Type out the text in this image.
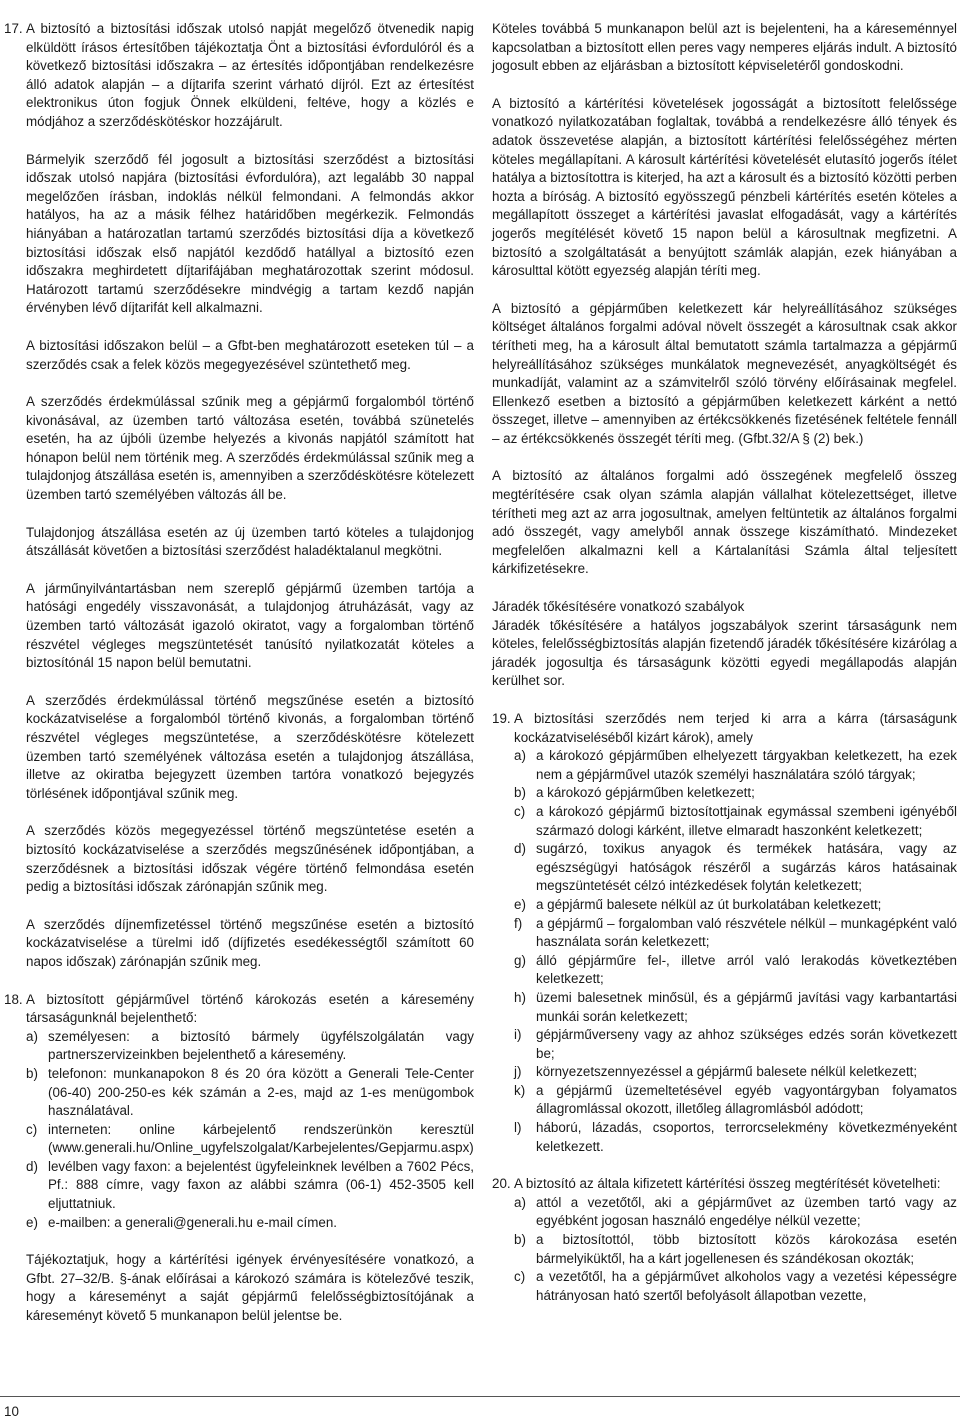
17. A biztosító a biztosítási időszak utolsó napját megelőző ötvenedik napig elküldött írásos értesítőben tájékoztatja Önt a biztosítási évfordulóról és a következő biztosítási időszakra – az értesítés időpontjában rendelkezésre álló adatok alapján – a díjtarifa szerint várható díjról. Ezt az értesítést elektronikus úton fogjuk Önnek elküldeni, feltéve, hogy a közlés e módjához a szerződéskötéskor hozzájárult.

Bármelyik szerződő fél jogosult a biztosítási szerződést a biztosítási időszak utolsó napjára (biztosítási évfordulóra), azt legalább 30 nappal megelőzően írásban, indoklás nélkül felmondani. A felmondás akkor hatályos, ha az a másik félhez határidőben megérkezik. Felmondás hiányában a határozatlan tartamú szerződés biztosítási díja a következő biztosítási időszak első napjától kezdődő hatállyal a biztosító ezen időszakra meghirdetett díjtarifájában meghatározottak szerint módosul. Határozott tartamú szerződésekre mindvégig a tartam kezdő napján érvényben lévő díjtarifát kell alkalmazni.

A biztosítási időszakon belül – a Gfbt-ben meghatározott eseteken túl – a szerződés csak a felek közös megegyezésével szüntethető meg.

A szerződés érdekmúlással szűnik meg a gépjármű forgalomból történő kivonásával, az üzemben tartó változása esetén, továbbá szünetelés esetén, ha az újbóli üzembe helyezés a kivonás napjától számított hat hónapon belül nem történik meg. A szerződés érdekmúlással szűnik meg a tulajdonjog átszállása esetén is, amennyiben a szerződéskötésre kötelezett üzemben tartó személyében változás áll be.

Tulajdonjog átszállása esetén az új üzemben tartó köteles a tulajdonjog átszállását követően a biztosítási szerződést haladéktalanul megkötni.

A járműnyilvántartásban nem szereplő gépjármű üzemben tartója a hatósági engedély visszavonását, a tulajdonjog átruházását, vagy az üzemben tartó változását igazoló okiratot, vagy a forgalomban történő részvétel végleges megszüntetését tanúsító nyilatkozatát köteles a biztosítónál 15 napon belül bemutatni.

A szerződés érdekmúlással történő megszűnése esetén a biztosító kockázatviselése a forgalomból történő kivonás, a forgalomban történő részvétel végleges megszüntetése, a szerződéskötésre kötelezett üzemben tartó személyének változása esetén a tulajdonjog átszállása, illetve az okiratba bejegyzett üzemben tartóra vonatkozó bejegyzés törlésének időpontjával szűnik meg.

A szerződés közös megegyezéssel történő megszüntetése esetén a biztosító kockázatviselése a szerződés megszűnésének időpontjában, a szerződésnek a biztosítási időszak végére történő felmondása esetén pedig a biztosítási időszak zárónapján szűnik meg.

A szerződés díjnemfizetéssel történő megszűnése esetén a biztosító kockázatviselése a türelmi idő (díjfizetés esedékességtől számított 60 napos időszak) zárónapján szűnik meg.

18. A biztosított gépjárművel történő károkozás esetén a káresemény társaságunknál bejelenthető:

a) személyesen: a biztosító bármely ügyfélszolgálatán vagy partnerszervizeinkben bejelenthető a káresemény.
b) telefonon: munkanapokon 8 és 20 óra között a Generali Tele-Center (06-40) 200-250-es kék számán a 2-es, majd az 1-es menügombok használatával.
c) interneten: online kárbejelentő rendszerünkön keresztül (www.generali.hu/Online_ugyfelszolgalat/Karbejelentes/Gepjarmu.aspx)
d) levélben vagy faxon: a bejelentést ügyfeleinknek levélben a 7602 Pécs, Pf.: 888 címre, vagy faxon az alábbi számra (06-1) 452-3505 kell eljuttatniuk.
e) e-mailben: a generali@generali.hu e-mail címen.

Tájékoztatjuk, hogy a kártérítési igények érvényesítésére vonatkozó, a Gfbt. 27–32/B. §-ának előírásai a károkozó számára is kötelezővé teszik, hogy a káreseményt a saját gépjármű felelősségbiztosítójának a káreseményt követő 5 munkanapon belül jelentse be.

Köteles továbbá 5 munkanapon belül azt is bejelenteni, ha a káreseménnyel kapcsolatban a biztosított ellen peres vagy nemperes eljárás indult. A biztosító jogosult ebben az eljárásban a biztosított képviseletéről gondoskodni.

A biztosító a kártérítési követelések jogosságát a biztosított felelőssége vonatkozó nyilatkozatában foglaltak, továbbá a rendelkezésre álló tények és adatok összevetése alapján, a biztosított kártérítési felelősségéhez mérten köteles megállapítani. A károsult kártérítési követelését elutasító jogerős ítélet hatálya a biztosítottra is kiterjed, ha azt a károsult és a biztosító közötti perben hozta a bíróság. A biztosító egyösszegű pénzbeli kártérítés esetén köteles a megállapított összeget a kártérítési javaslat elfogadását, vagy a kártérítés jogerős megítélését követő 15 napon belül a károsultnak megfizetni. A biztosító a szolgáltatását a benyújtott számlák alapján, ezek hiányában a károsulttal kötött egyezség alapján téríti meg.

A biztosító a gépjárműben keletkezett kár helyreállításához szükséges költséget általános forgalmi adóval növelt összegét a károsultnak csak akkor térítheti meg, ha a károsult által bemutatott számla tartalmazza a gépjármű helyreállításához szükséges munkálatok megnevezését, anyagköltségét és munkadíját, valamint az a számvitelről szóló törvény előírásainak megfelel. Ellenkező esetben a biztosító a gépjárműben keletkezett kárként a nettó összeget, illetve – amennyiben az értékcsökkenés fizetésének feltétele fennáll – az értékcsökkenés összegét téríti meg. (Gfbt.32/A § (2) bek.)

A biztosító az általános forgalmi adó összegének megfelelő összeg megtérítésére csak olyan számla alapján vállalhat kötelezettséget, illetve térítheti meg azt az arra jogosultnak, amelyen feltüntetik az általános forgalmi adó összegét, vagy amelyből annak összege kiszámítható. Mindezeket megfelelően alkalmazni kell a Kártalanítási Számla által teljesített kárkifizetésekre.

Járadék tőkésítésére vonatkozó szabályok

Járadék tőkésítésére a hatályos jogszabályok szerint társaságunk nem köteles, felelősségbiztosítás alapján fizetendő járadék tőkésítésére kizárólag a járadék jogosultja és társaságunk közötti egyedi megállapodás alapján kerülhet sor.

19. A biztosítási szerződés nem terjed ki arra a kárra (társaságunk kockázatviseléséből kizárt károk), amely

a) a károkozó gépjárműben elhelyezett tárgyakban keletkezett, ha ezek nem a gépjárművel utazók személyi használatára szóló tárgyak;
b) a károkozó gépjárműben keletkezett;
c) a károkozó gépjármű biztosítottjainak egymással szembeni igényéből származó dologi kárként, illetve elmaradt haszonként keletkezett;
d) sugárzó, toxikus anyagok és termékek hatására, vagy az egészségügyi hatóságok részéről a sugárzás káros hatásainak megszüntetését célzó intézkedések folytán keletkezett;
e) a gépjármű balesete nélkül az út burkolatában keletkezett;
f) a gépjármű – forgalomban való részvétele nélkül – munkagépként való használata során keletkezett;
g) álló gépjárműre fel-, illetve arról való lerakodás következtében keletkezett;
h) üzemi balesetnek minősül, és a gépjármű javítási vagy karbantartási munkái során keletkezett;
i) gépjárműverseny vagy az ahhoz szükséges edzés során következett be;
j) környezetszennyezéssel a gépjármű balesete nélkül keletkezett;
k) a gépjármű üzemeltetésével egyéb vagyontárgyban folyamatos állagromlással okozott, illetőleg állagromlásból adódott;
l) háború, lázadás, csoportos, terrorcselekmény következményeként keletkezett.
20. A biztosító az általa kifizetett kártérítési összeg megtérítését követelheti:

a) attól a vezetőtől, aki a gépjárművet az üzemben tartó vagy az egyébként jogosan használó engedélye nélkül vezette;
b) a biztosítottól, több biztosított közös károkozása esetén bármelyiküktől, ha a kárt jogellenesen és szándékosan okozták;
c) a vezetőtől, ha a gépjárművet alkoholos vagy a vezetési képességre hátrányosan ható szertől befolyásolt állapotban vezette,
10
